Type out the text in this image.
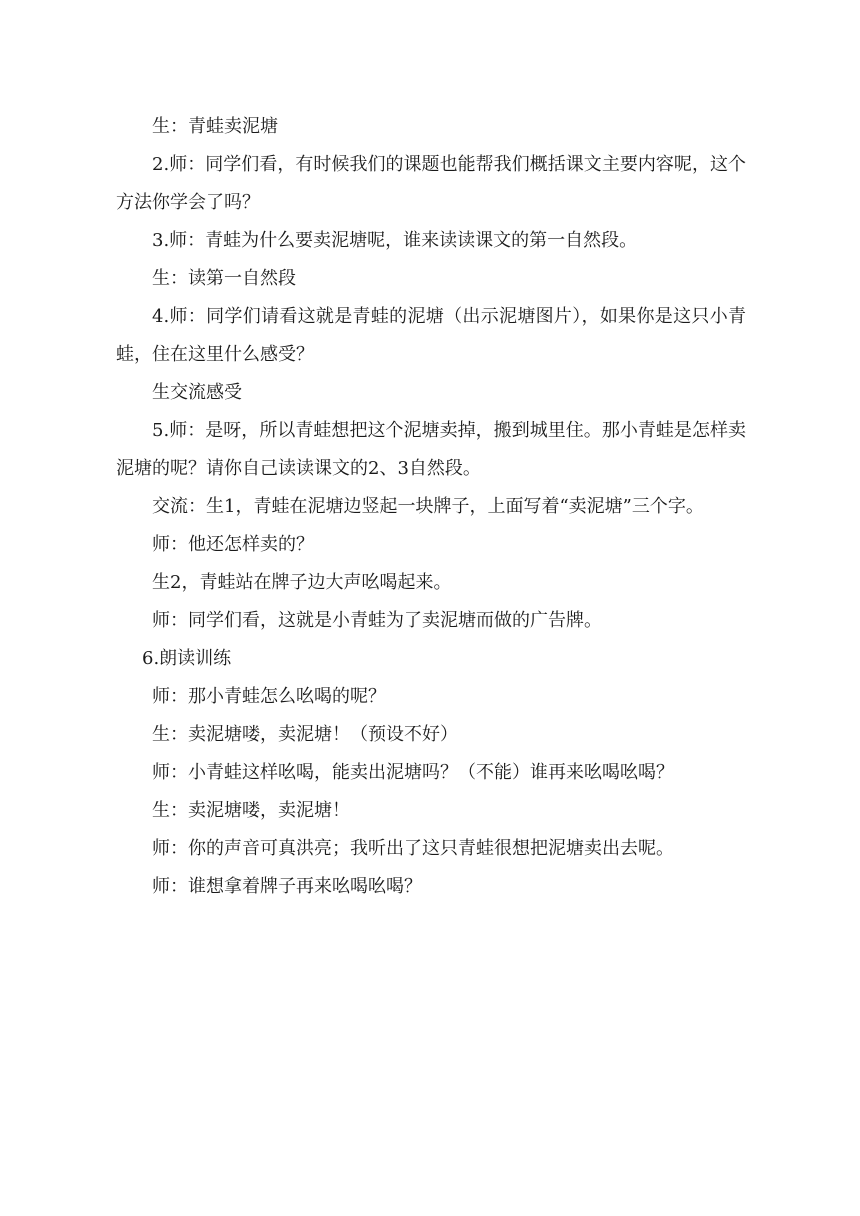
生：青蛙卖泥塘

2.师：同学们看，有时候我们的课题也能帮我们概括课文主要内容呢，这个方法你学会了吗？

3.师：青蛙为什么要卖泥塘呢，谁来读读课文的第一自然段。

生：读第一自然段

4.师：同学们请看这就是青蛙的泥塘（出示泥塘图片），如果你是这只小青蛙，住在这里什么感受？

生交流感受

5.师：是呀，所以青蛙想把这个泥塘卖掉，搬到城里住。那小青蛙是怎样卖泥塘的呢？请你自己读读课文的2、3自然段。

交流：生1，青蛙在泥塘边竖起一块牌子，上面写着“卖泥塘”三个字。

师：他还怎样卖的？

生2，青蛙站在牌子边大声吆喝起来。

师：同学们看，这就是小青蛙为了卖泥塘而做的广告牌。

6.朗读训练

师：那小青蛙怎么吆喝的呢？

生：卖泥塘喽，卖泥塘！（预设不好）

师：小青蛙这样吆喝，能卖出泥塘吗？（不能）谁再来吆喝吆喝？

生：卖泥塘喽，卖泥塘！

师：你的声音可真洪亮；我听出了这只青蛙很想把泥塘卖出去呢。

师：谁想拿着牌子再来吆喝吆喝？
